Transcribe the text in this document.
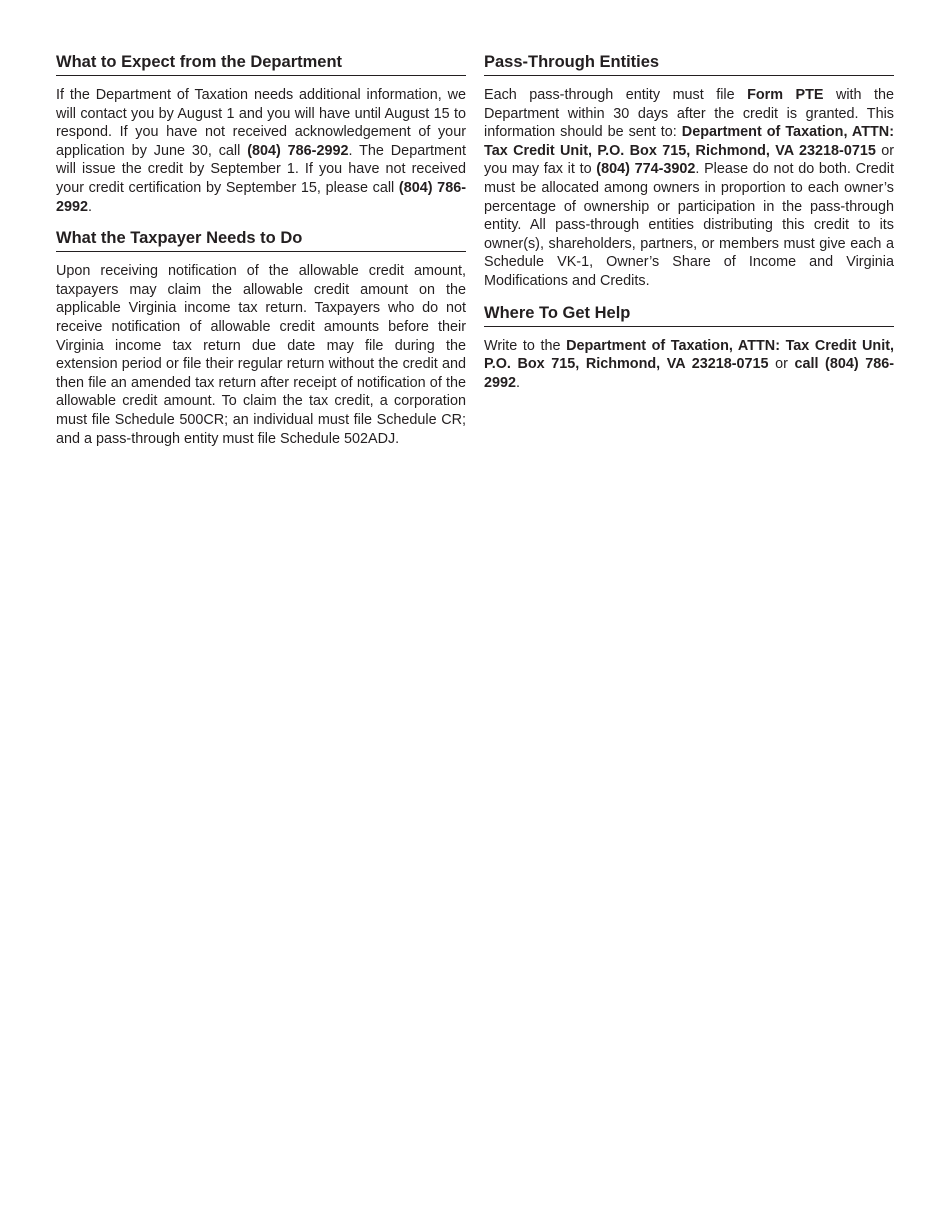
What to Expect from the Department

If the Department of Taxation needs additional information, we will contact you by August 1 and you will have until August 15 to respond. If you have not received acknowledgement of your application by June 30, call (804) 786-2992. The Department will issue the credit by September 1. If you have not received your credit certification by September 15, please call (804) 786-2992.

What the Taxpayer Needs to Do

Upon receiving notification of the allowable credit amount, taxpayers may claim the allowable credit amount on the applicable Virginia income tax return. Taxpayers who do not receive notification of allowable credit amounts before their Virginia income tax return due date may file during the extension period or file their regular return without the credit and then file an amended tax return after receipt of notification of the allowable credit amount. To claim the tax credit, a corporation must file Schedule 500CR; an individual must file Schedule CR; and a pass-through entity must file Schedule 502ADJ.

Pass-Through Entities

Each pass-through entity must file Form PTE with the Department within 30 days after the credit is granted. This information should be sent to: Department of Taxation, ATTN: Tax Credit Unit, P.O. Box 715, Richmond, VA 23218-0715 or you may fax it to (804) 774-3902. Please do not do both. Credit must be allocated among owners in proportion to each owner’s percentage of ownership or participation in the pass-through entity. All pass-through entities distributing this credit to its owner(s), shareholders, partners, or members must give each a Schedule VK-1, Owner’s Share of Income and Virginia Modifications and Credits.

Where To Get Help

Write to the Department of Taxation, ATTN: Tax Credit Unit, P.O. Box 715, Richmond, VA 23218-0715 or call (804) 786-2992.
